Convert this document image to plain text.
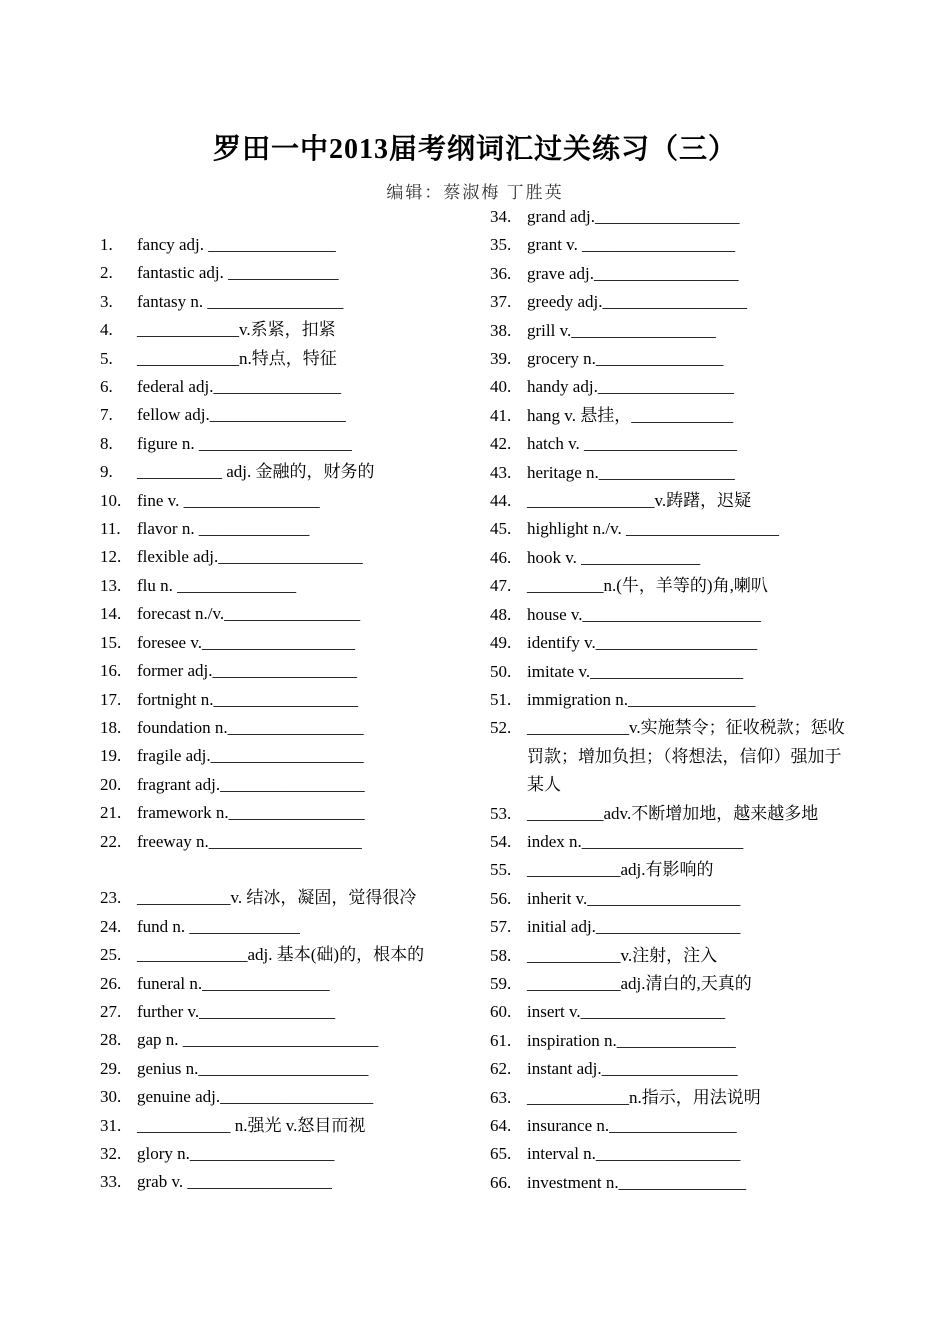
罗田一中2013届考纲词汇过关练习（三）
编辑：蔡淑梅 丁胜英
1.	fancy adj. _______________
2.	fantastic adj. _____________
3.	fantasy n. ________________
4.	____________v.系紧，扣紧
5.	____________n.特点，特征
6.	federal adj._______________
7.	fellow adj.________________
8.	figure n. __________________
9.	__________ adj. 金融的，财务的
10. fine v. ________________
11. flavor n. _____________
12. flexible adj._________________
13. flu n. ______________
14. forecast n./v.________________
15. foresee v.__________________
16. former adj._________________
17. fortnight n._________________
18. foundation n.________________
19. fragile adj.__________________
20. fragrant adj._________________
21. framework n.________________
22. freeway n.__________________
23. ___________v. 结冰，凝固，觉得很冷
24. fund n. _____________
25. _____________adj. 基本(础)的，根本的
26. funeral n._______________
27. further v.________________
28. gap n. _______________________
29. genius n.____________________
30. genuine adj.__________________
31. ___________ n.强光 v.怒目而视
32. glory n._________________
33. grab v. _________________
34. grand adj._________________
35. grant v. __________________
36. grave adj._________________
37. greedy adj._________________
38. grill v._________________
39. grocery n._______________
40. handy adj.________________
41. hang v. 悬挂，____________
42. hatch v. __________________
43. heritage n.________________
44. _______________v.踌躇，迟疑
45. highlight n./v. __________________
46. hook v. ______________
47. _________n.(牛，羊等的)角,喇叭
48. house v._____________________
49. identify v.___________________
50. imitate v.__________________
51. immigration n._______________
52. ____________v.实施禁令；征收税款；惩收罚款；增加负担；（将想法，信仰）强加于某人
53. _________adv.不断增加地，越来越多地
54. index n.___________________
55. ___________adj.有影响的
56. inherit v.__________________
57. initial adj._________________
58. ___________v.注射，注入
59. ___________adj.清白的,天真的
60. insert v._________________
61. inspiration n.______________
62. instant adj.________________
63. ____________n.指示，用法说明
64. insurance n._______________
65. interval n._________________
66. investment n._______________
